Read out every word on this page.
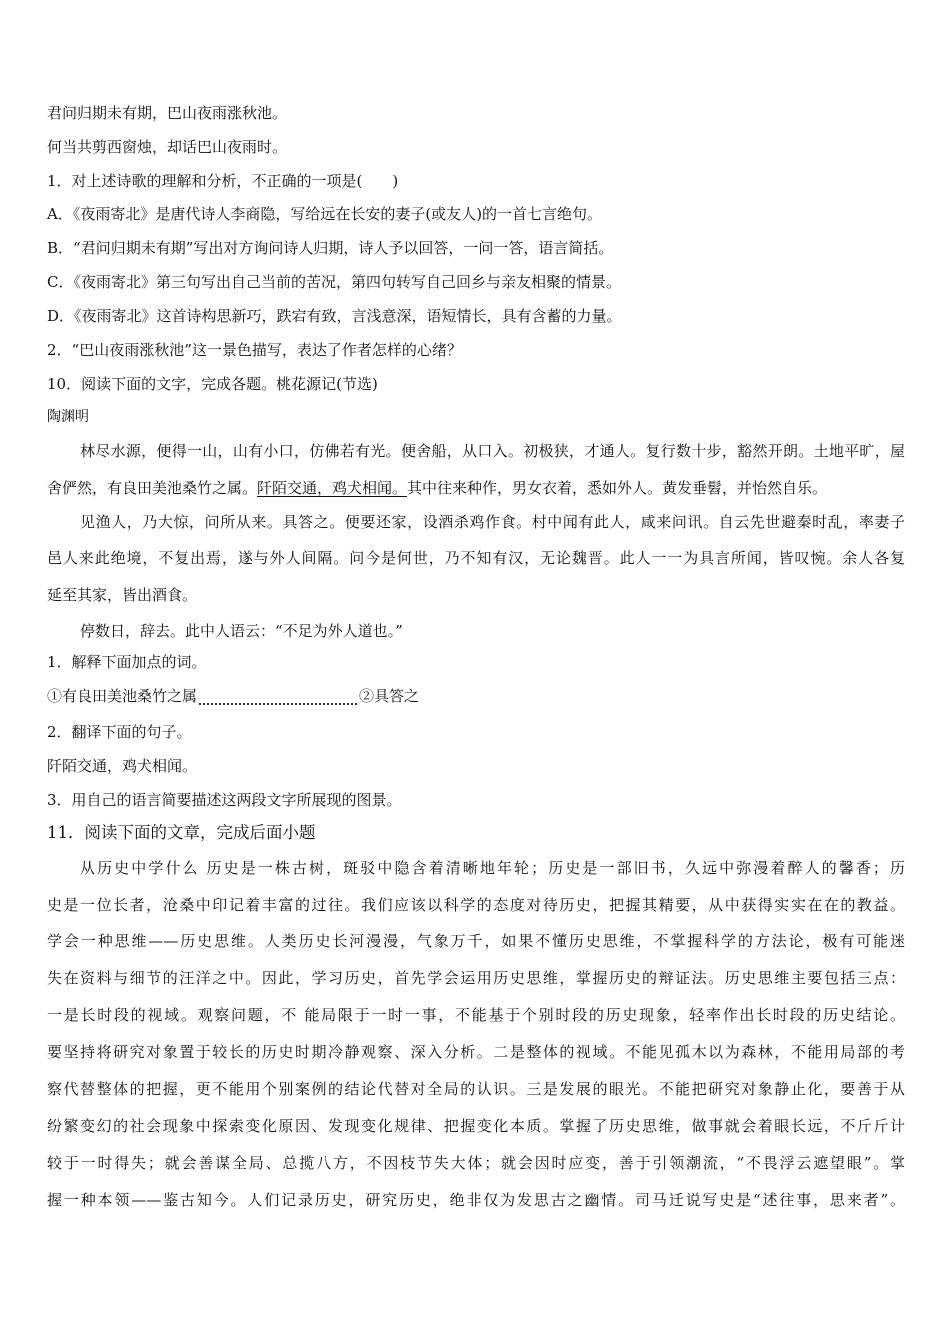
君问归期未有期，巴山夜雨涨秋池。
何当共剪西窗烛，却话巴山夜雨时。
1．对上述诗歌的理解和分析，不正确的一项是(　　)
A．《夜雨寄北》是唐代诗人李商隐，写给远在长安的妻子(或友人)的一首七言绝句。
B．“君问归期未有期”写出对方询问诗人归期，诗人予以回答，一问一答，语言简括。
C．《夜雨寄北》第三句写出自己当前的苦况，第四句转写自己回乡与亲友相聚的情景。
D．《夜雨寄北》这首诗构思新巧，跌宕有致，言浅意深，语短情长，具有含蓄的力量。
2．“巴山夜雨涨秋池”这一景色描写，表达了作者怎样的心绪？
10．阅读下面的文字，完成各题。桃花源记(节选)
陶渊明
林尽水源，便得一山，山有小口，仿佛若有光。便舍船，从口入。初极狭，才通人。复行数十步，豁然开朗。土地平旷，屋
舍俨然，有良田美池桑竹之属。阡陌交通，鸡犬相闻。其中往来种作，男女衣着，悉如外人。黄发垂髫，并怡然自乐。
见渔人，乃大惊，问所从来。具答之。便要还家，设酒杀鸡作食。村中闻有此人，咸来问讯。自云先世避秦时乱，率妻子
邑人来此绝境，不复出焉，遂与外人间隔。问今是何世，乃不知有汉，无论魏晋。此人一一为具言所闻，皆叹惋。余人各复
延至其家，皆出酒食。
停数日，辞去。此中人语云：“不足为外人道也。”
1．解释下面加点的词。
①有良田美池桑竹之属	②具答之
2．翻译下面的句子。
阡陌交通，鸡犬相闻。
3．用自己的语言简要描述这两段文字所展现的图景。
11．阅读下面的文章，完成后面小题
从历史中学什么 历史是一株古树，斑驳中隐含着清晰地年轮；历史是一部旧书，久远中弥漫着醉人的馨香；历
史是一位长者，沧桑中印记着丰富的过往。我们应该以科学的态度对待历史，把握其精要，从中获得实实在在的教益。
学会一种思维——历史思维。人类历史长河漫漫，气象万千，如果不懂历史思维，不掌握科学的方法论，极有可能迷
失在资料与细节的汪洋之中。因此，学习历史，首先学会运用历史思维，掌握历史的辩证法。历史思维主要包括三点：
一是长时段的视域。观察问题，不 能局限于一时一事，不能基于个别时段的历史现象，轻率作出长时段的历史结论。
要坚持将研究对象置于较长的历史时期冷静观察、深入分析。二是整体的视域。不能见孤木以为森林，不能用局部的考
察代替整体的把握，更不能用个别案例的结论代替对全局的认识。三是发展的眼光。不能把研究对象静止化，要善于从
纷繁变幻的社会现象中探索变化原因、发现变化规律、把握变化本质。掌握了历史思维，做事就会着眼长远，不斤斤计
较于一时得失；就会善谋全局、总揽八方，不因枝节失大体；就会因时应变，善于引领潮流，“不畏浮云遮望眼”。掌
握一种本领——鉴古知今。人们记录历史，研究历史，绝非仅为发思古之幽情。司马迁说写史是“述往事，思来者”。
